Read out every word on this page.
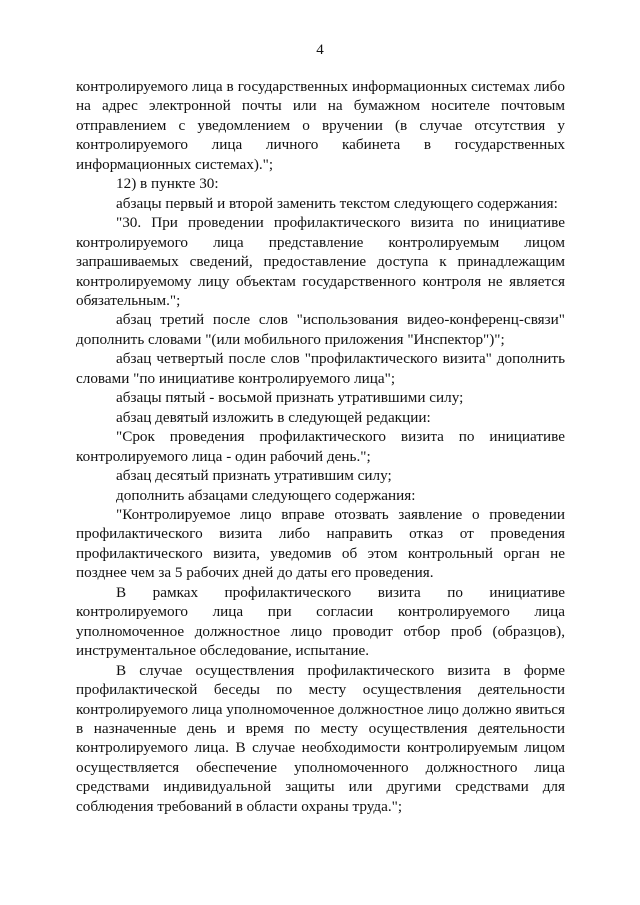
4

контролируемого лица в государственных информационных системах либо на адрес электронной почты или на бумажном носителе почтовым отправлением с уведомлением о вручении (в случае отсутствия у контролируемого лица личного кабинета в государственных информационных системах).";

12) в пункте 30:

абзацы первый и второй заменить текстом следующего содержания:

"30. При проведении профилактического визита по инициативе контролируемого лица представление контролируемым лицом запрашиваемых сведений, предоставление доступа к принадлежащим контролируемому лицу объектам государственного контроля не является обязательным.";

абзац третий после слов "использования видео-конференц-связи" дополнить словами "(или мобильного приложения "Инспектор")";

абзац четвертый после слов "профилактического визита" дополнить словами "по инициативе контролируемого лица";

абзацы пятый - восьмой признать утратившими силу;

абзац девятый изложить в следующей редакции:

"Срок проведения профилактического визита по инициативе контролируемого лица - один рабочий день.";

абзац десятый признать утратившим силу;

дополнить абзацами следующего содержания:

"Контролируемое лицо вправе отозвать заявление о проведении профилактического визита либо направить отказ от проведения профилактического визита, уведомив об этом контрольный орган не позднее чем за 5 рабочих дней до даты его проведения.

В рамках профилактического визита по инициативе контролируемого лица при согласии контролируемого лица уполномоченное должностное лицо проводит отбор проб (образцов), инструментальное обследование, испытание.

В случае осуществления профилактического визита в форме профилактической беседы по месту осуществления деятельности контролируемого лица уполномоченное должностное лицо должно явиться в назначенные день и время по месту осуществления деятельности контролируемого лица. В случае необходимости контролируемым лицом осуществляется обеспечение уполномоченного должностного лица средствами индивидуальной защиты или другими средствами для соблюдения требований в области охраны труда.";
